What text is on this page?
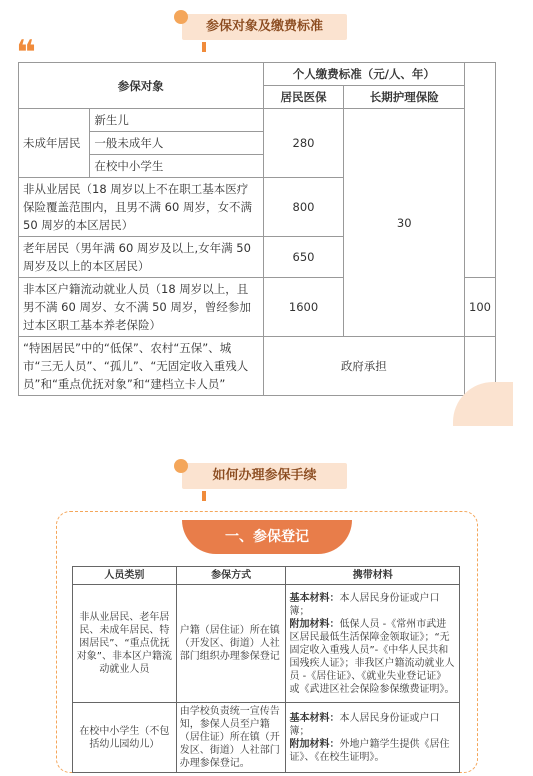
参保对象及缴费标准
❝
参保对象		个人缴费标准（元/人、年）		
		居民医保	长期护理保险	
未成年居民	新生儿	280	30	
	一般未成年人			
	在校中小学生			
非从业居民（18 周岁以上不在职工基本医疗保险覆盖范围内，且男不满 60 周岁，女不满 50 周岁的本区居民）		800		
老年居民（男年满 60 周岁及以上,女年满 50 周岁及以上的本区居民）		650		
非本区户籍流动就业人员（18 周岁以上，且男不满 60 周岁、女不满 50 周岁，曾经参加过本区职工基本养老保险）		1600		100
“特困居民”中的“低保”、农村“五保”、城市“三无人员”、“孤儿”、“无固定收入重残人员”和“重点优抚对象”和“建档立卡人员”		政府承担		
如何办理参保手续
一、参保登记
人员类别	参保方式	携带材料
非从业居民、老年居民、未成年居民、特困居民”、“重点优抚对象”、非本区户籍流动就业人员	户籍（居住证）所在镇（开发区、街道）人社部门组织办理参保登记	基本材料：本人居民身份证或户口簿；
附加材料：低保人员 -《常州市武进区居民最低生活保障金领取证》；“无固定收入重残人员”-《中华人民共和国残疾人证》；非我区户籍流动就业人员 -《居住证》、《就业失业登记证》或《武进区社会保险参保缴费证明》。
在校中小学生（不包括幼儿园幼儿）	由学校负责统一宣传告知，参保人员至户籍（居住证）所在镇（开发区、街道）人社部门办理参保登记。	基本材料：本人居民身份证或户口簿；
附加材料：外地户籍学生提供《居住证》、《在校生证明》。
